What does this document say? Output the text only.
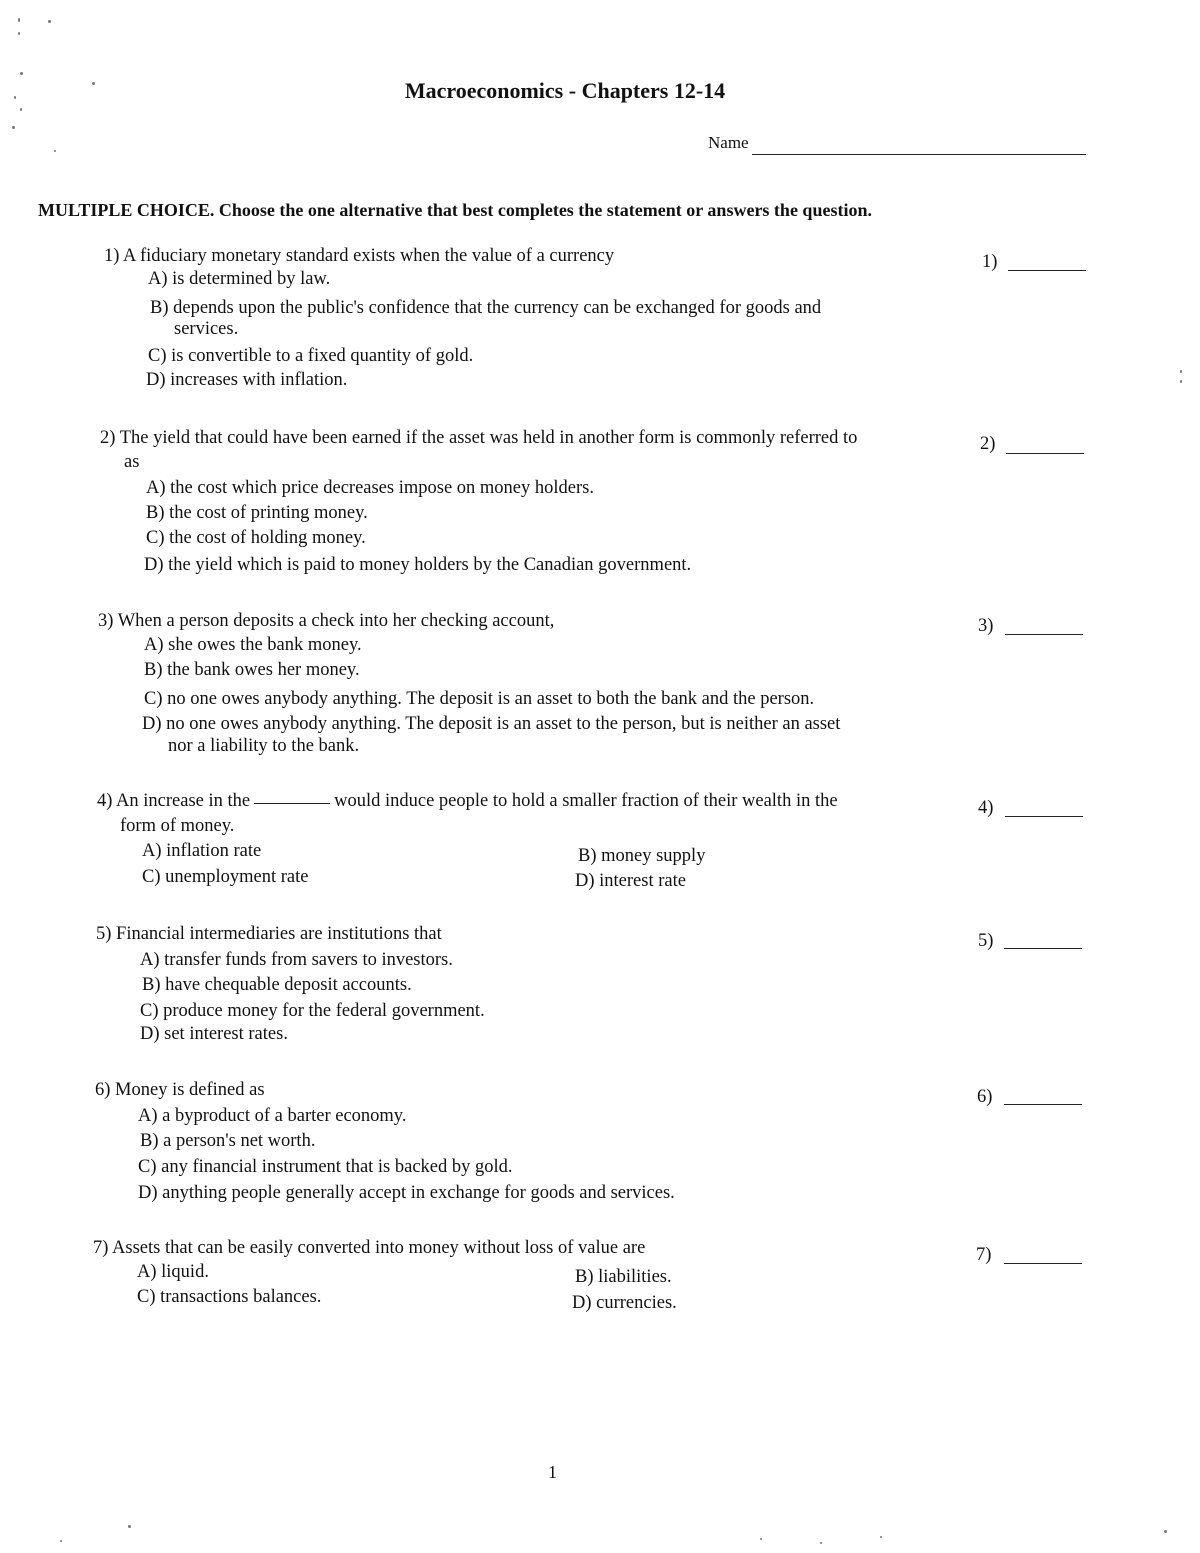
Macroeconomics - Chapters 12-14
Name
MULTIPLE CHOICE. Choose the one alternative that best completes the statement or answers the question.
1) A fiduciary monetary standard exists when the value of a currency
A) is determined by law.
B) depends upon the public's confidence that the currency can be exchanged for goods and
services.
C) is convertible to a fixed quantity of gold.
D) increases with inflation.
1)
2) The yield that could have been earned if the asset was held in another form is commonly referred to
as
A) the cost which price decreases impose on money holders.
B) the cost of printing money.
C) the cost of holding money.
D) the yield which is paid to money holders by the Canadian government.
2)
3) When a person deposits a check into her checking account,
A) she owes the bank money.
B) the bank owes her money.
C) no one owes anybody anything. The deposit is an asset to both the bank and the person.
D) no one owes anybody anything. The deposit is an asset to the person, but is neither an asset
nor a liability to the bank.
3)
4) An increase in the	would induce people to hold a smaller fraction of their wealth in the
form of money.
A) inflation rate	B) money supply
C) unemployment rate	D) interest rate
4)
5) Financial intermediaries are institutions that
A) transfer funds from savers to investors.
B) have chequable deposit accounts.
C) produce money for the federal government.
D) set interest rates.
5)
6) Money is defined as
A) a byproduct of a barter economy.
B) a person's net worth.
C) any financial instrument that is backed by gold.
D) anything people generally accept in exchange for goods and services.
6)
7) Assets that can be easily converted into money without loss of value are
A) liquid.	B) liabilities.
C) transactions balances.	D) currencies.
7)
1
